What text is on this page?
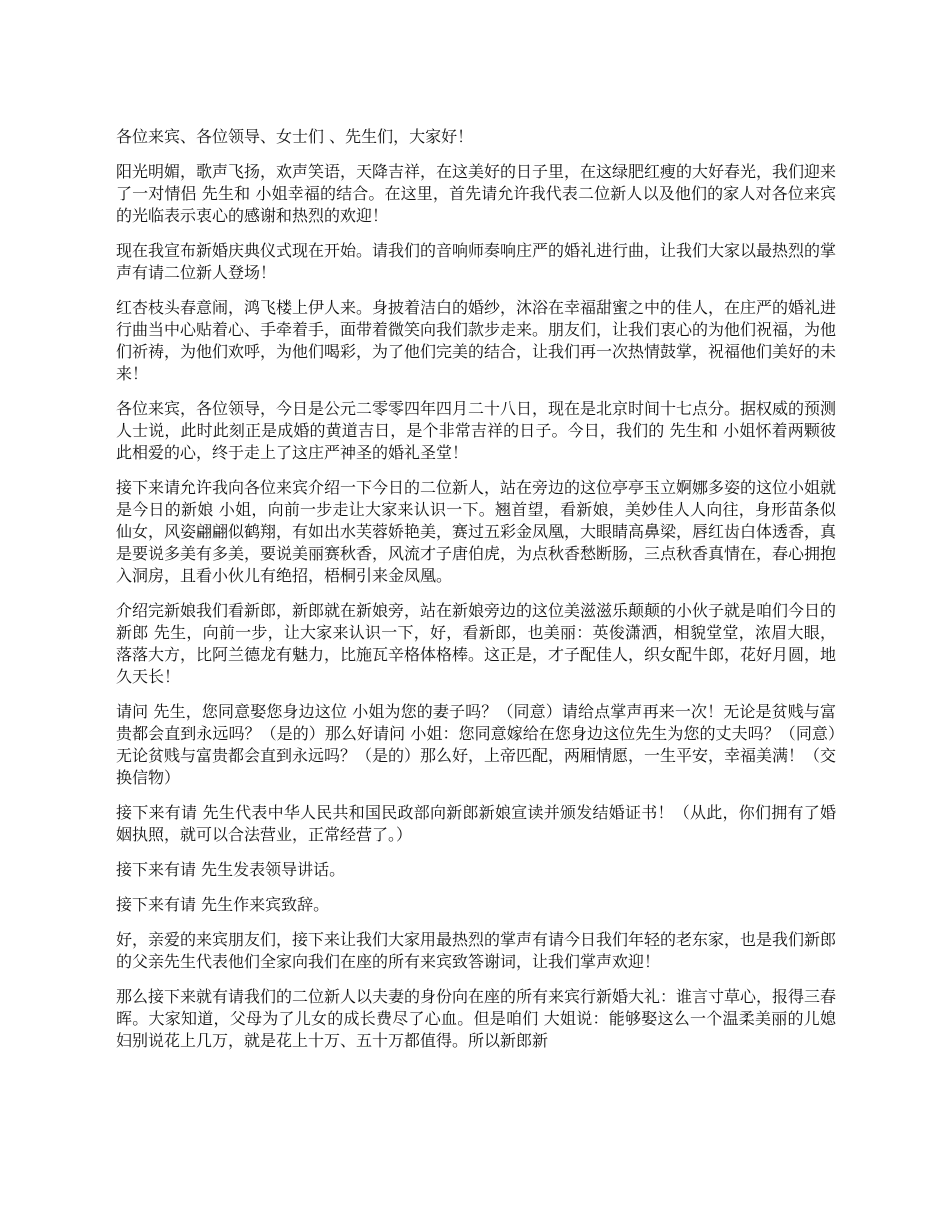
各位来宾、各位领导、女士们 、先生们，大家好！

阳光明媚，歌声飞扬，欢声笑语，天降吉祥，在这美好的日子里，在这绿肥红瘦的大好春光，我们迎来了一对情侣 先生和 小姐幸福的结合。在这里，首先请允许我代表二位新人以及他们的家人对各位来宾的光临表示衷心的感谢和热烈的欢迎！

现在我宣布新婚庆典仪式现在开始。请我们的音响师奏响庄严的婚礼进行曲，让我们大家以最热烈的掌声有请二位新人登场！

红杏枝头春意闹，鸿飞楼上伊人来。身披着洁白的婚纱，沐浴在幸福甜蜜之中的佳人，在庄严的婚礼进行曲当中心贴着心、手牵着手，面带着微笑向我们款步走来。朋友们，让我们衷心的为他们祝福，为他们祈祷，为他们欢呼，为他们喝彩，为了他们完美的结合，让我们再一次热情鼓掌，祝福他们美好的未来！

各位来宾，各位领导，今日是公元二零零四年四月二十八日，现在是北京时间十七点分。据权威的预测人士说，此时此刻正是成婚的黄道吉日，是个非常吉祥的日子。今日，我们的 先生和 小姐怀着两颗彼此相爱的心，终于走上了这庄严神圣的婚礼圣堂！

接下来请允许我向各位来宾介绍一下今日的二位新人，站在旁边的这位亭亭玉立婀娜多姿的这位小姐就是今日的新娘 小姐，向前一步走让大家来认识一下。翘首望，看新娘，美妙佳人人向往，身形苗条似仙女，风姿翩翩似鹤翔，有如出水芙蓉娇艳美，赛过五彩金凤凰，大眼睛高鼻梁，唇红齿白体透香，真是要说多美有多美，要说美丽赛秋香，风流才子唐伯虎，为点秋香愁断肠，三点秋香真情在，春心拥抱入洞房，且看小伙儿有绝招，梧桐引来金凤凰。

介绍完新娘我们看新郎，新郎就在新娘旁，站在新娘旁边的这位美滋滋乐颠颠的小伙子就是咱们今日的新郎 先生，向前一步，让大家来认识一下，好，看新郎，也美丽：英俊潇洒，相貌堂堂，浓眉大眼，落落大方，比阿兰德龙有魅力，比施瓦辛格体格棒。这正是，才子配佳人，织女配牛郎，花好月圆，地久天长！

请问 先生，您同意娶您身边这位 小姐为您的妻子吗？（同意）请给点掌声再来一次！无论是贫贱与富贵都会直到永远吗？（是的）那么好请问 小姐：您同意嫁给在您身边这位先生为您的丈夫吗？（同意）无论贫贱与富贵都会直到永远吗？（是的）那么好，上帝匹配，两厢情愿，一生平安，幸福美满！（交换信物）

接下来有请 先生代表中华人民共和国民政部向新郎新娘宣读并颁发结婚证书！（从此，你们拥有了婚姻执照，就可以合法营业，正常经营了。）

接下来有请 先生发表领导讲话。

接下来有请 先生作来宾致辞。

好，亲爱的来宾朋友们，接下来让我们大家用最热烈的掌声有请今日我们年轻的老东家，也是我们新郎的父亲先生代表他们全家向我们在座的所有来宾致答谢词，让我们掌声欢迎！

那么接下来就有请我们的二位新人以夫妻的身份向在座的所有来宾行新婚大礼：谁言寸草心，报得三春晖。大家知道，父母为了儿女的成长费尽了心血。但是咱们 大姐说：能够娶这么一个温柔美丽的儿媳妇别说花上几万，就是花上十万、五十万都值得。所以新郎新
